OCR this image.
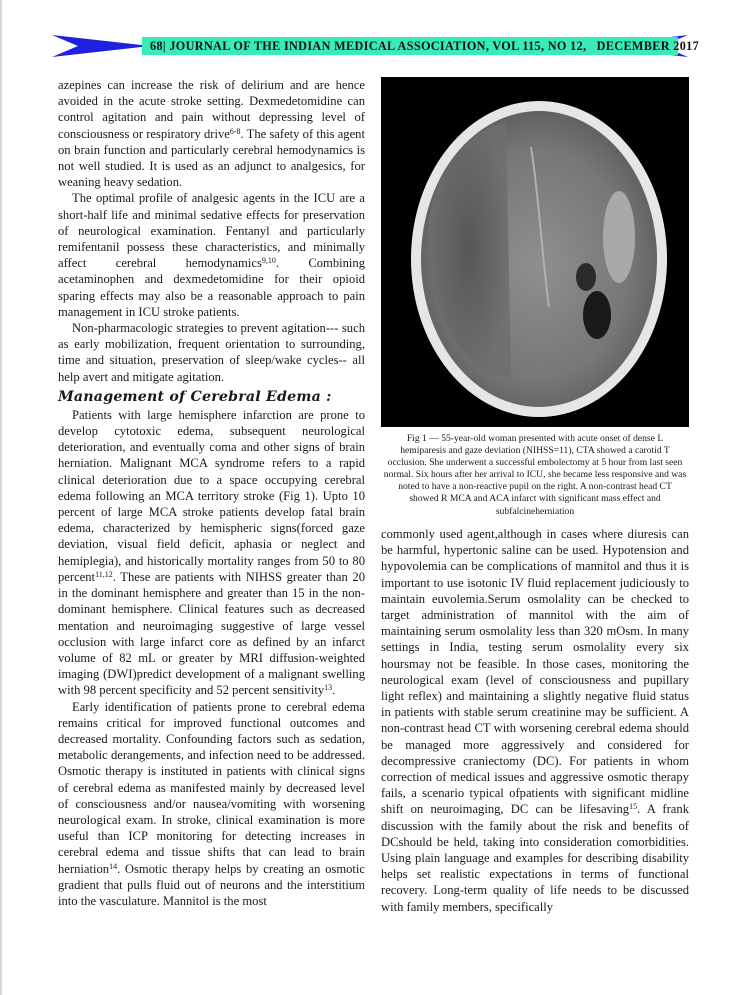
68| JOURNAL OF THE INDIAN MEDICAL ASSOCIATION, VOL 115, NO 12, DECEMBER 2017

azepines can increase the risk of delirium and are hence avoided in the acute stroke setting. Dexmedetomidine can control agitation and pain without depressing level of consciousness or respiratory drive$^{6-8}$. The safety of this agent on brain function and particularly cerebral hemodynamics is not well studied. It is used as an adjunct to analgesics, for weaning heavy sedation.

The optimal profile of analgesic agents in the ICU are a short-half life and minimal sedative effects for preservation of neurological examination. Fentanyl and particularly remifentanil possess these characteristics, and minimally affect cerebral hemodynamics$^{9,10}$. Combining acetaminophen and dexmedetomidine for their opioid sparing effects may also be a reasonable approach to pain management in ICU stroke patients.

Non-pharmacologic strategies to prevent agitation--- such as early mobilization, frequent orientation to surrounding, time and situation, preservation of sleep/wake cycles-- all help avert and mitigate agitation.

Management of Cerebral Edema :

Patients with large hemisphere infarction are prone to develop cytotoxic edema, subsequent neurological deterioration, and eventually coma and other signs of brain herniation. Malignant MCA syndrome refers to a rapid clinical deterioration due to a space occupying cerebral edema following an MCA territory stroke (Fig 1). Upto 10 percent of large MCA stroke patients develop fatal brain edema, characterized by hemispheric signs(forced gaze deviation, visual field deficit, aphasia or neglect and hemiplegia), and historically mortality ranges from 50 to 80 percent$^{11,12}$. These are patients with NIHSS greater than 20 in the dominant hemisphere and greater than 15 in the non-dominant hemisphere. Clinical features such as decreased mentation and neuroimaging suggestive of large vessel occlusion with large infarct core as defined by an infarct volume of 82 mL or greater by MRI diffusion-weighted imaging (DWI)predict development of a malignant swelling with 98 percent specificity and 52 percent sensitivity$^{13}$.

Early identification of patients prone to cerebral edema remains critical for improved functional outcomes and decreased mortality. Confounding factors such as sedation, metabolic derangements, and infection need to be addressed. Osmotic therapy is instituted in patients with clinical signs of cerebral edema as manifested mainly by decreased level of consciousness and/or nausea/vomiting with worsening neurological exam. In stroke, clinical examination is more useful than ICP monitoring for detecting increases in cerebral edema and tissue shifts that can lead to brain herniation$^{14}$. Osmotic therapy helps by creating an osmotic gradient that pulls fluid out of neurons and the interstitium into the vasculature. Mannitol is the most

Fig 1 — 55-year-old woman presented with acute onset of dense L hemiparesis and gaze deviation (NIHSS=11), CTA showed a carotid T occlusion. She underwent a successful embolectomy at 5 hour from last seen normal. Six hours after her arrival to ICU, she became less responsive and was noted to have a non-reactive pupil on the right. A non-contrast head CT showed R MCA and ACA infarct with significant mass effect and subfalcineherniation

commonly used agent,although in cases where diuresis can be harmful, hypertonic saline can be used. Hypotension and hypovolemia can be complications of mannitol and thus it is important to use isotonic IV fluid replacement judiciously to maintain euvolemia.Serum osmolality can be checked to target administration of mannitol with the aim of maintaining serum osmolality less than 320 mOsm. In many settings in India, testing serum osmolality every six hoursmay not be feasible. In those cases, monitoring the neurological exam (level of consciousness and pupillary light reflex) and maintaining a slightly negative fluid status in patients with stable serum creatinine may be sufficient. A non-contrast head CT with worsening cerebral edema should be managed more aggressively and considered for decompressive craniectomy (DC). For patients in whom correction of medical issues and aggressive osmotic therapy fails, a scenario typical ofpatients with significant midline shift on neuroimaging, DC can be lifesaving$^{15}$. A frank discussion with the family about the risk and benefits of DCshould be held, taking into consideration comorbidities. Using plain language and examples for describing disability helps set realistic expectations in terms of functional recovery. Long-term quality of life needs to be discussed with family members, specifically
